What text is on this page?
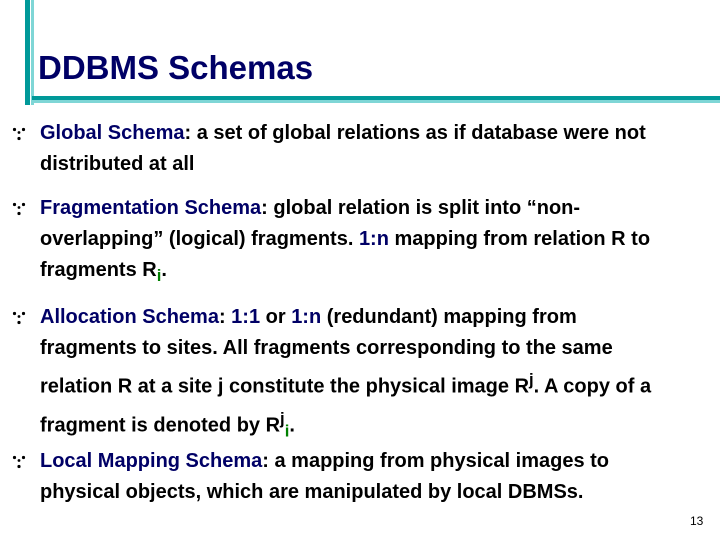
DDBMS Schemas
Global Schema: a set of global relations as if database were not distributed at all
Fragmentation Schema: global relation is split into “non-overlapping” (logical) fragments. 1:n mapping from relation R to fragments $R_i$.
Allocation Schema: 1:1 or 1:n (redundant) mapping from fragments to sites. All fragments corresponding to the same relation R at a site j constitute the physical image $R^j$. A copy of a fragment is denoted by $R^j_i$.
Local Mapping Schema: a mapping from physical images to physical objects, which are manipulated by local DBMSs.
13
